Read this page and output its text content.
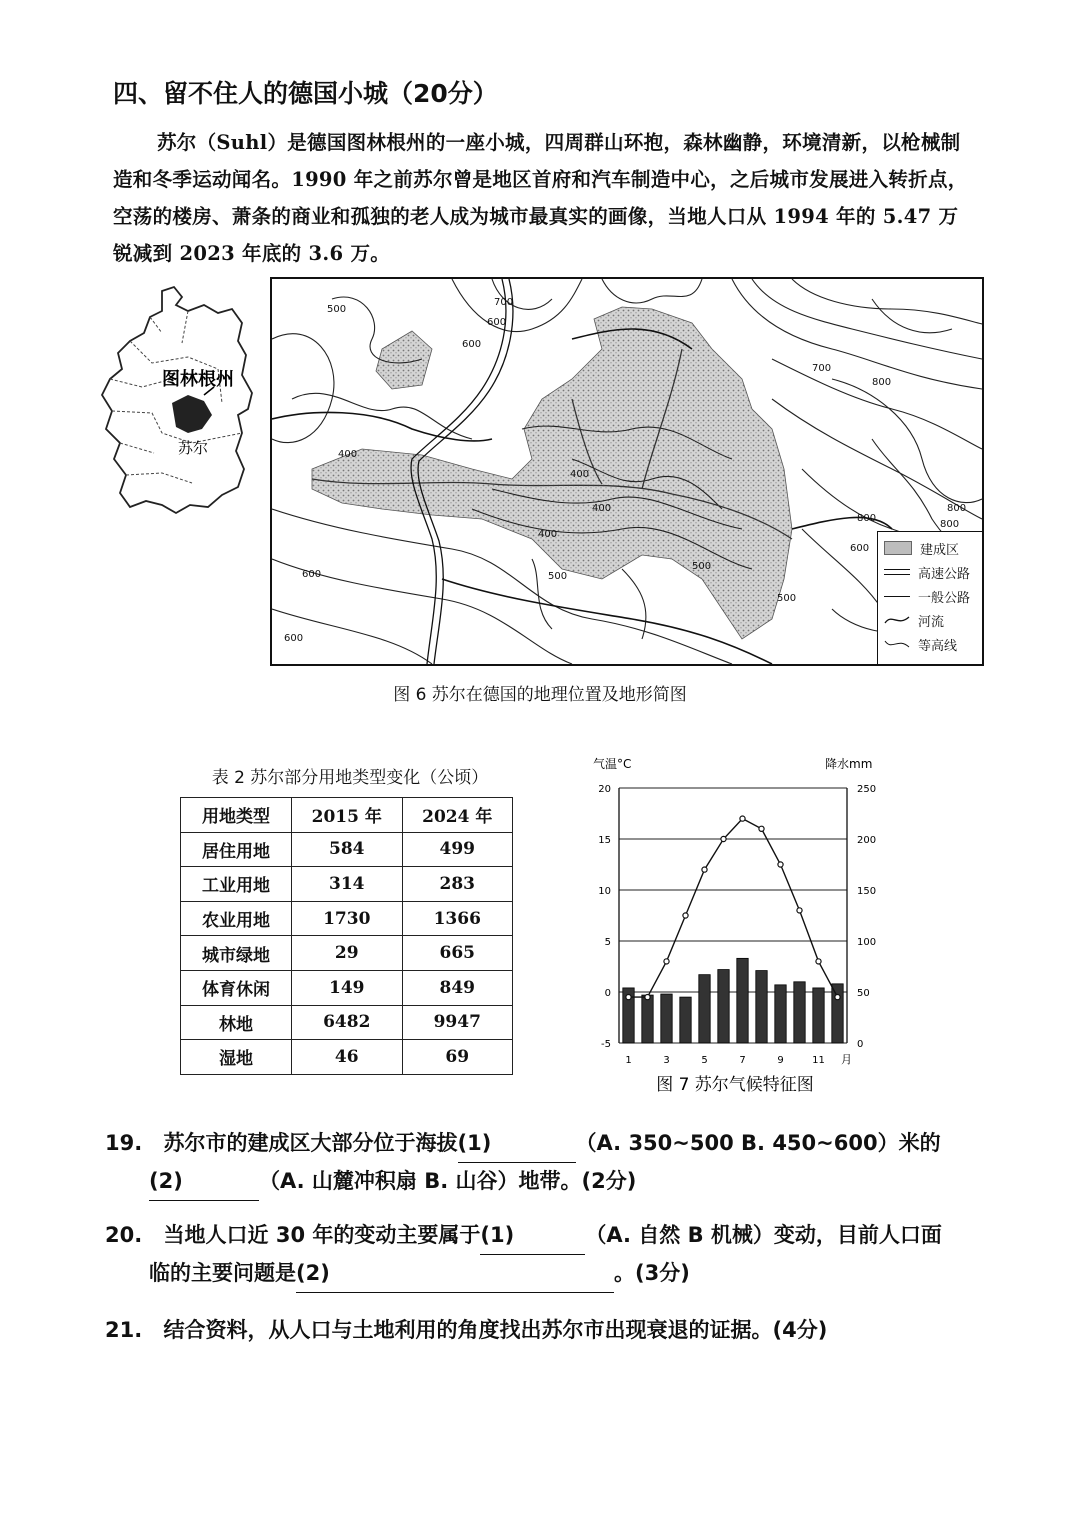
四、留不住人的德国小城（20分）
苏尔（Suhl）是德国图林根州的一座小城，四周群山环抱，森林幽静，环境清新，以枪械制造和冬季运动闻名。1990 年之前苏尔曾是地区首府和汽车制造中心，之后城市发展进入转折点，空荡的楼房、萧条的商业和孤独的老人成为城市最真实的画像，当地人口从 1994 年的 5.47 万锐减到 2023 年底的 3.6 万。
图林根州
苏尔
500
700
600
600
700
800
400
400
400
400
500
500
600
600
800
800
800
600
500
建成区
高速公路
一般公路
河流
等高线
图 6 苏尔在德国的地理位置及地形简图
表 2 苏尔部分用地类型变化（公顷）
用地类型	2015 年	2024 年
居住用地	584	499
工业用地	314	283
农业用地	1730	1366
城市绿地	29	665
体育休闲	149	849
林地	6482	9947
湿地	46	69
气温°C	降水mm
20
15
10
5
0
-5
250
200
150
100
50
0
1	3	5	7	9	11 月
图 7 苏尔气候特征图
19. 苏尔市的建成区大部分位于海拔(1)	（A. 350~500 B. 450~600）米的
(2)	（A. 山麓冲积扇 B. 山谷）地带。(2分)
20. 当地人口近 30 年的变动主要属于(1)	（A. 自然 B 机械）变动，目前人口面
临的主要问题是(2)	。(3分)
21. 结合资料，从人口与土地利用的角度找出苏尔市出现衰退的证据。(4分)
